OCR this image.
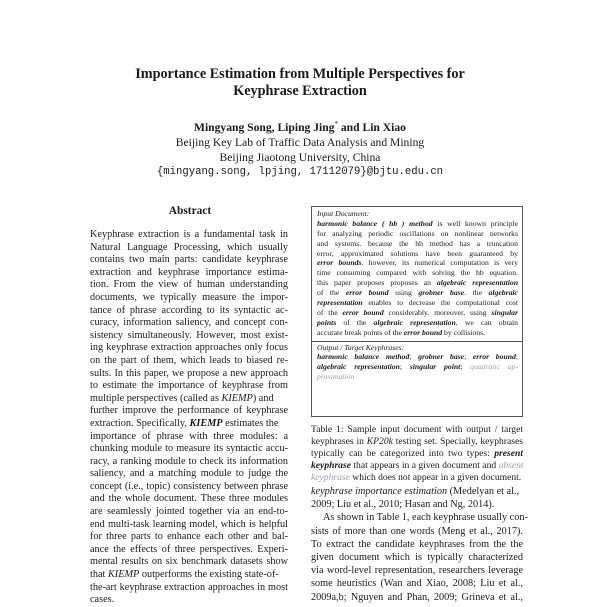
Importance Estimation from Multiple Perspectives for
Keyphrase Extraction
Mingyang Song, Liping Jing* and Lin Xiao
Beijing Key Lab of Traffic Data Analysis and Mining
Beijing Jiaotong University, China
{mingyang.song, lpjing, 17112079}@bjtu.edu.cn
Abstract
Keyphrase extraction is a fundamental task in
Natural Language Processing, which usually
contains two main parts: candidate keyphrase
extraction and keyphrase importance estima-
tion. From the view of human understanding
documents, we typically measure the impor-
tance of phrase according to its syntactic ac-
curacy, information saliency, and concept con-
sistency simultaneously. However, most exist-
ing keyphrase extraction approaches only focus
on the part of them, which leads to biased re-
sults. In this paper, we propose a new approach
to estimate the importance of keyphrase from
multiple perspectives (called as KIEMP) and
further improve the performance of keyphrase
extraction. Specifically, KIEMP estimates the
importance of phrase with three modules: a
chunking module to measure its syntactic accu-
racy, a ranking module to check its information
saliency, and a matching module to judge the
concept (i.e., topic) consistency between phrase
and the whole document. These three modules
are seamlessly jointed together via an end-to-
end multi-task learning model, which is helpful
for three parts to enhance each other and bal-
ance the effects of three perspectives. Experi-
mental results on six benchmark datasets show
that KIEMP outperforms the existing state-of-
the-art keyphrase extraction approaches in most
cases.
Input Document:
harmonic balance ( hb ) method is well known principle
for analyzing periodic oscillations on nonlinear networks
and systems. because the hb method has a truncation
error, approximated solutions have been guaranteed by
error bounds. however, its numerical computation is very
time consuming compared with solving the hb equation.
this paper proposes proposes an algebraic representation
of the error bound using grobner base. the algebraic
representation enables to decrease the computational cost
of the error bound considerably. moreover, using singular
points of the algebraic representation, we can obtain
accurate break points of the error bound by collisions.
Output / Target Keyphrases:
harmonic balance method; grobner base; error bound;
algebraic representation; singular point; quadratic ap-
proximation
Table 1: Sample input document with output / target
keyphrases in KP20k testing set. Specially, keyphrases
typically can be categorized into two types: present
keyphrase that appears in a given document and absent
keyphrase which does not appear in a given document.
keyphrase importance estimation (Medelyan et al.,
2009; Liu et al., 2010; Hasan and Ng, 2014).
As shown in Table 1, each keyphrase usually con-
sists of more than one words (Meng et al., 2017).
To extract the candidate keyphrases from the the
given document which is typically characterized
via word-level representation, researchers leverage
some heuristics (Wan and Xiao, 2008; Liu et al.,
2009a,b; Nguyen and Phan, 2009; Grineva et al.,
